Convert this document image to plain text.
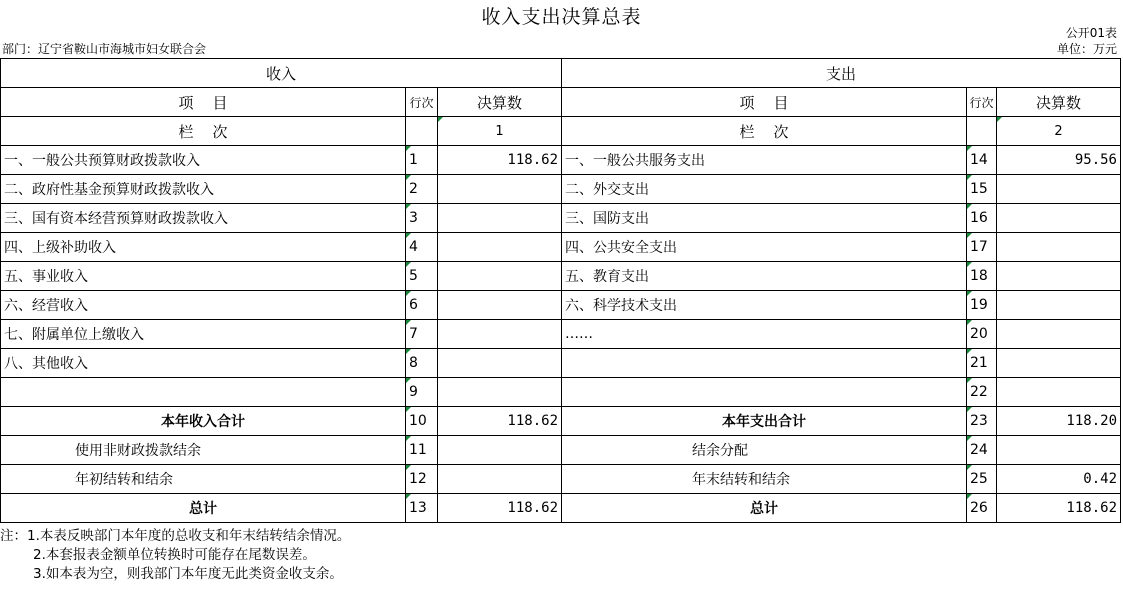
收入支出决算总表
公开01表
部门：辽宁省鞍山市海城市妇女联合会	单位：万元
收入			支出		
项    目	行次	决算数	项    目	行次	决算数
栏    次		1	栏    次		2
一、一般公共预算财政拨款收入	1	118.62	一、一般公共服务支出	14	95.56
二、政府性基金预算财政拨款收入	2		二、外交支出	15	
三、国有资本经营预算财政拨款收入	3		三、国防支出	16	
四、上级补助收入	4		四、公共安全支出	17	
五、事业收入	5		五、教育支出	18	
六、经营收入	6		六、科学技术支出	19	
七、附属单位上缴收入	7		……	20	
八、其他收入	8			21	
	9			22	
本年收入合计	10	118.62	本年支出合计	23	118.20
使用非财政拨款结余	11		结余分配	24	
年初结转和结余	12		年末结转和结余	25	0.42
总计	13	118.62	总计	26	118.62
注：1.本表反映部门本年度的总收支和年末结转结余情况。
2.本套报表金额单位转换时可能存在尾数误差。
3.如本表为空，则我部门本年度无此类资金收支余。
